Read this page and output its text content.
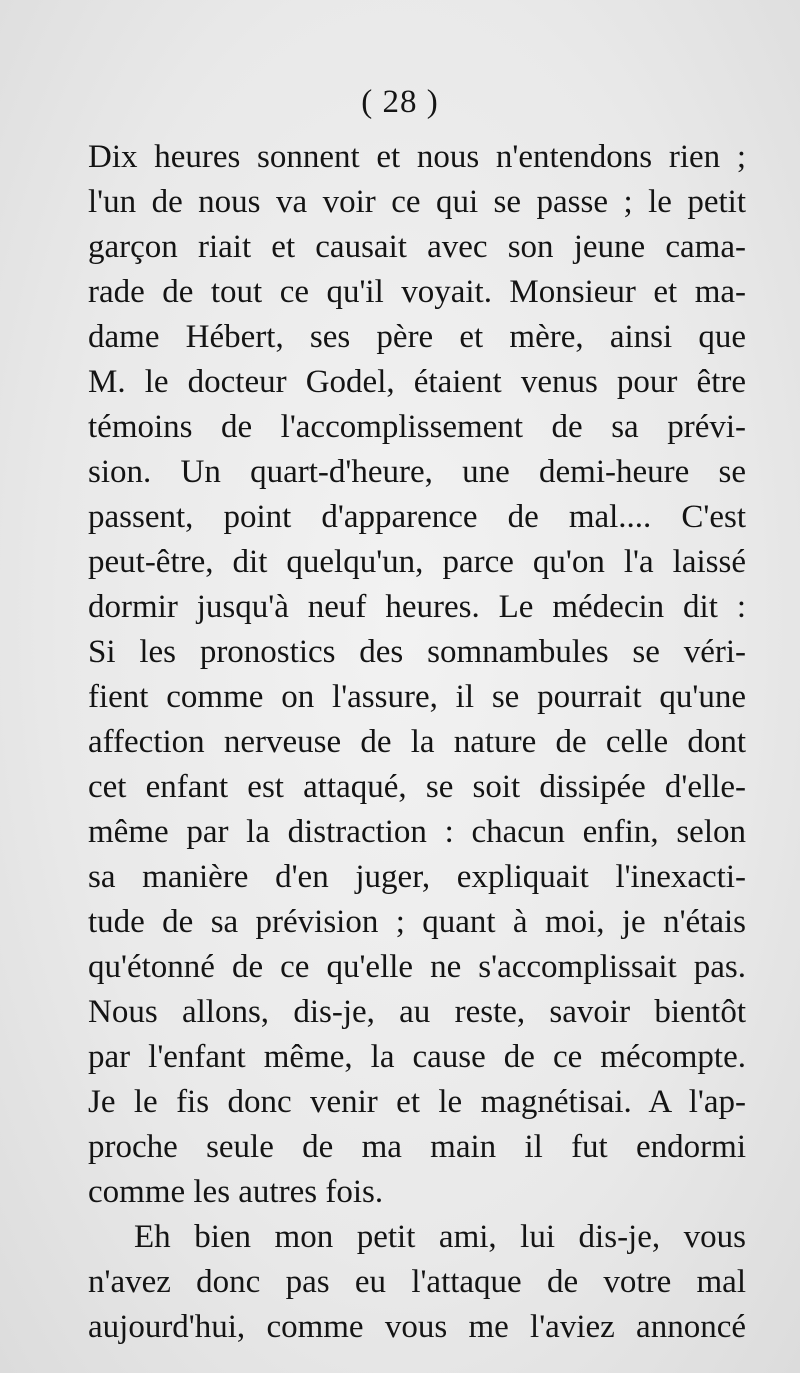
( 28 )
Dix heures sonnent et nous n'entendons rien ;
l'un de nous va voir ce qui se passe ; le petit
garçon riait et causait avec son jeune cama-
rade de tout ce qu'il voyait. Monsieur et ma-
dame Hébert, ses père et mère, ainsi que
M. le docteur Godel, étaient venus pour être
témoins de l'accomplissement de sa prévi-
sion. Un quart-d'heure, une demi-heure se
passent, point d'apparence de mal.... C'est
peut-être, dit quelqu'un, parce qu'on l'a laissé
dormir jusqu'à neuf heures. Le médecin dit :
Si les pronostics des somnambules se véri-
fient comme on l'assure, il se pourrait qu'une
affection nerveuse de la nature de celle dont
cet enfant est attaqué, se soit dissipée d'elle-
même par la distraction : chacun enfin, selon
sa manière d'en juger, expliquait l'inexacti-
tude de sa prévision ; quant à moi, je n'étais
qu'étonné de ce qu'elle ne s'accomplissait pas.
Nous allons, dis-je, au reste, savoir bientôt
par l'enfant même, la cause de ce mécompte.
Je le fis donc venir et le magnétisai. A l'ap-
proche seule de ma main il fut endormi
comme les autres fois.
Eh bien mon petit ami, lui dis-je, vous
n'avez donc pas eu l'attaque de votre mal
aujourd'hui, comme vous me l'aviez annoncé
